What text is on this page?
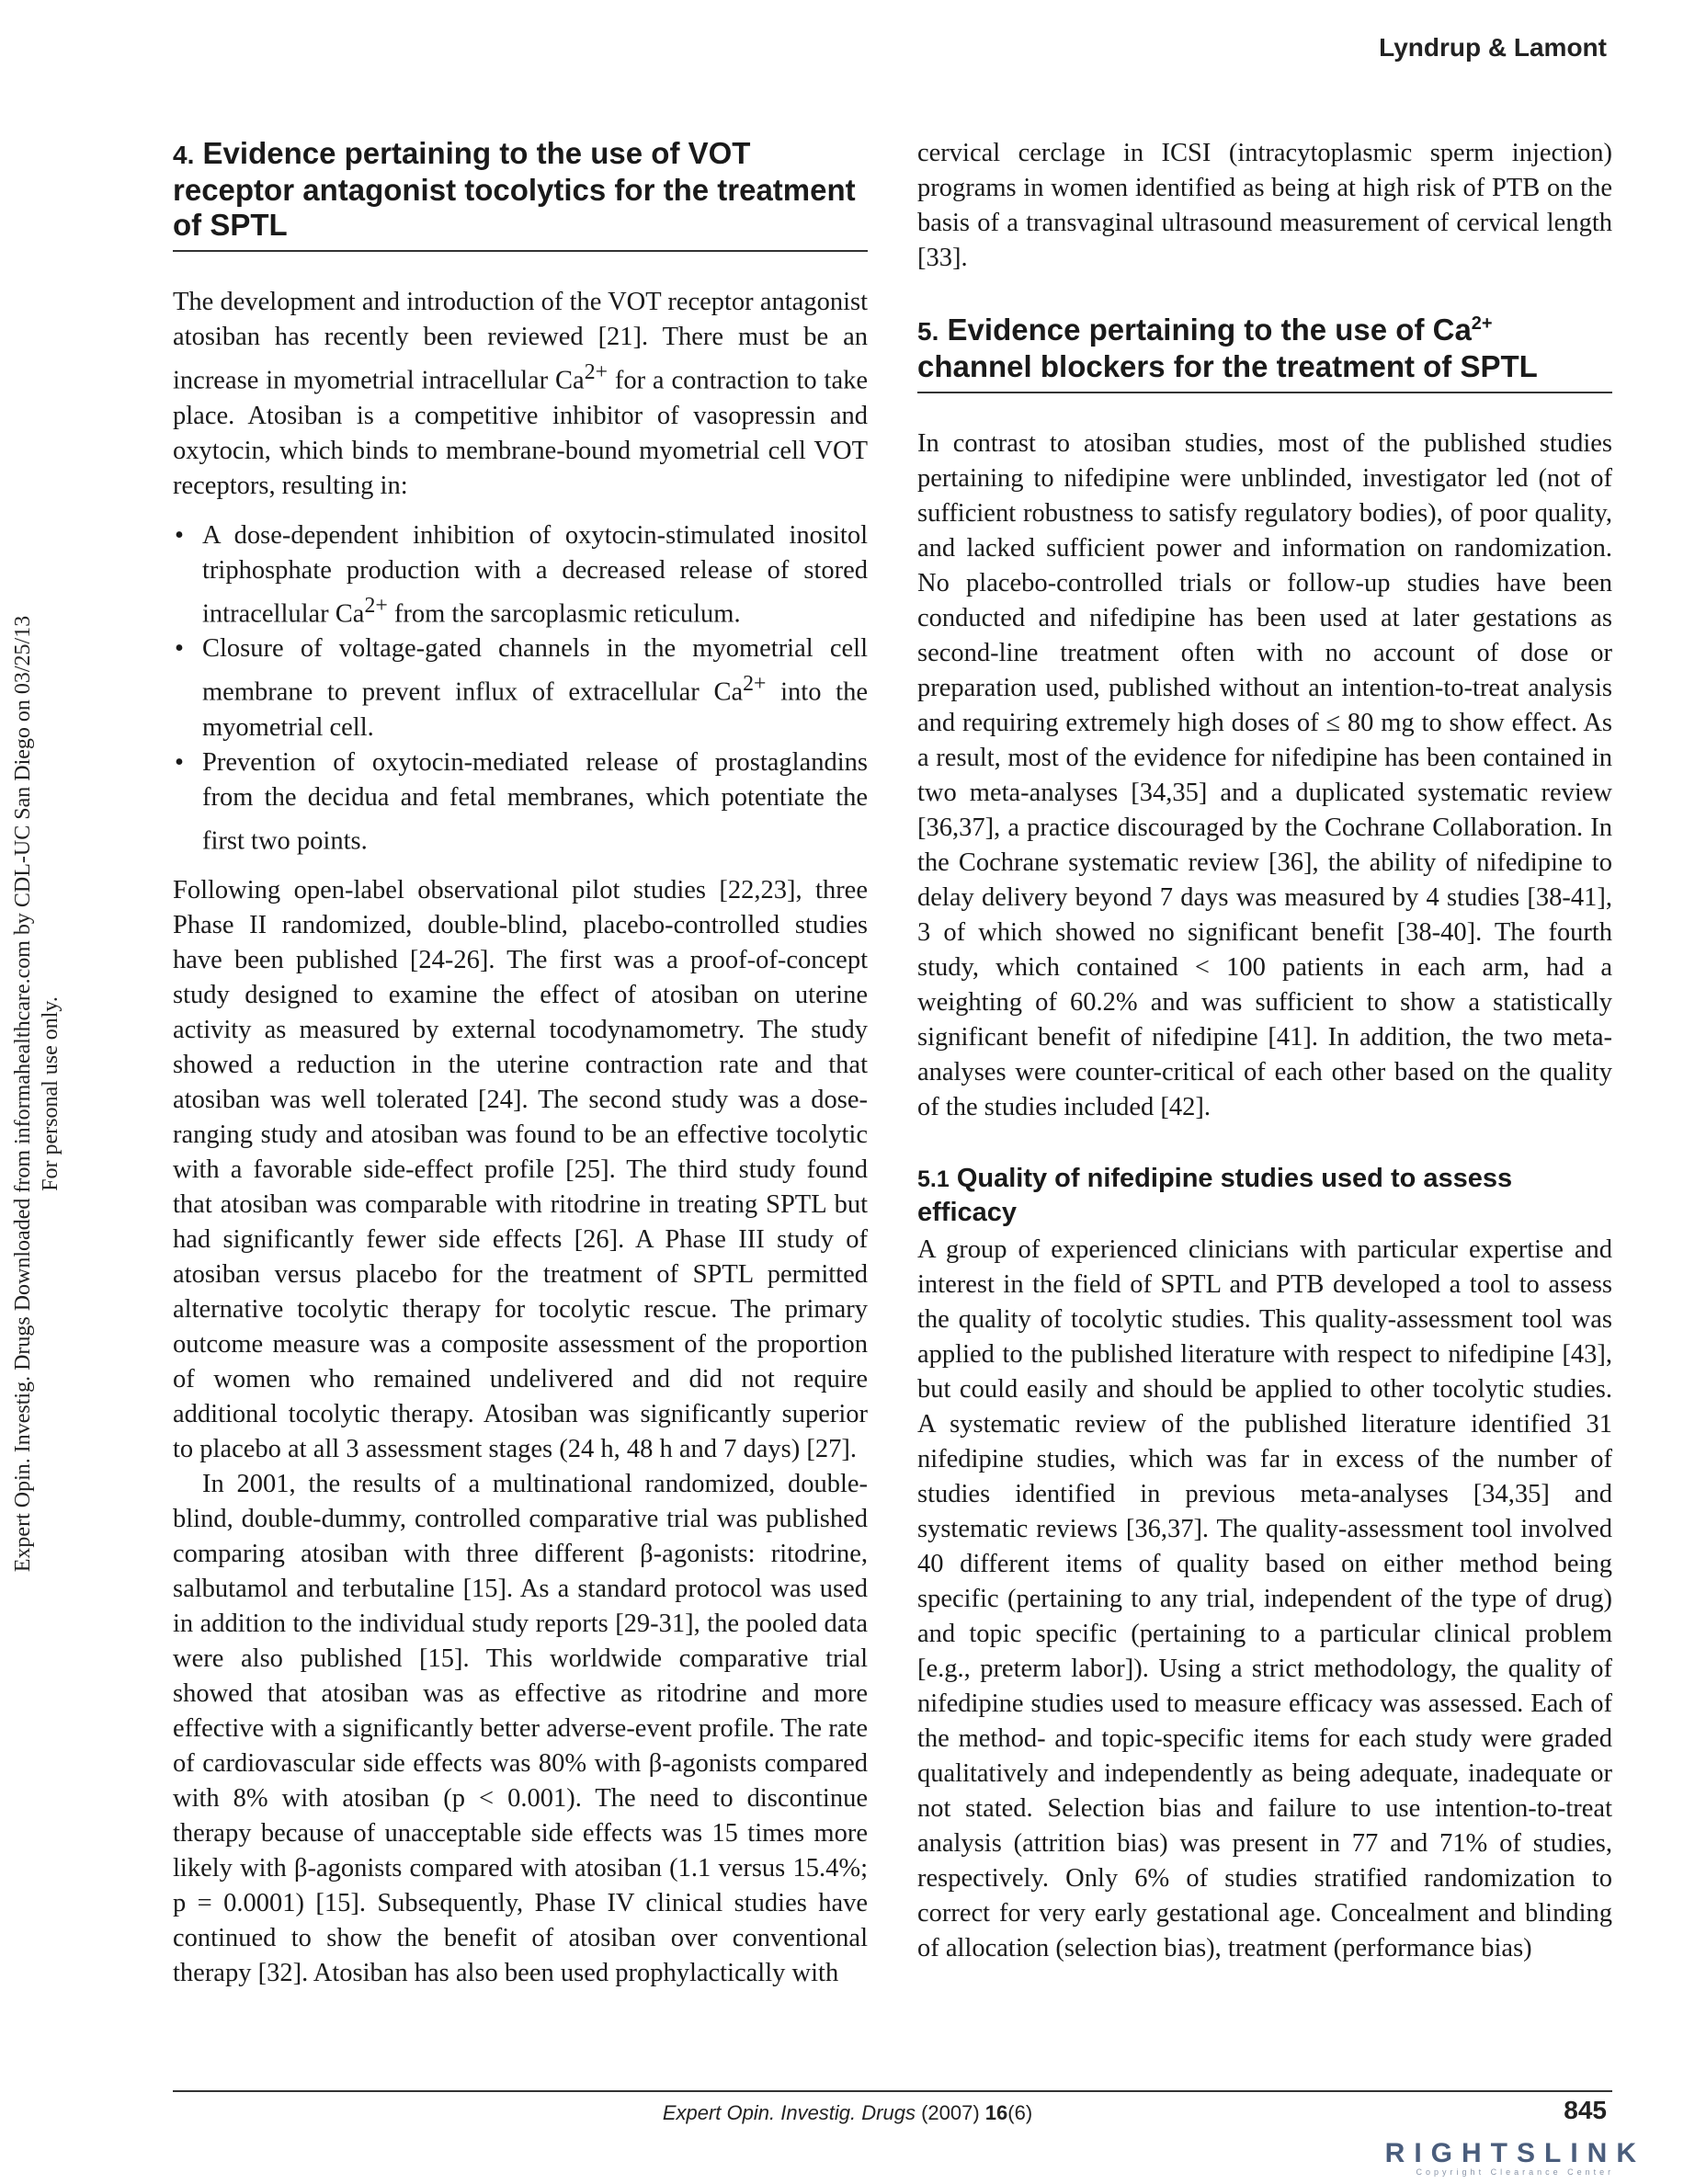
Lyndrup & Lamont
Expert Opin. Investig. Drugs Downloaded from informahealthcare.com by CDL-UC San Diego on 03/25/13 For personal use only.
4. Evidence pertaining to the use of VOT receptor antagonist tocolytics for the treatment of SPTL

The development and introduction of the VOT receptor antagonist atosiban has recently been reviewed [21]. There must be an increase in myometrial intracellular $Ca^{2+}$ for a contraction to take place. Atosiban is a competitive inhibitor of vasopressin and oxytocin, which binds to membrane-bound myometrial cell VOT receptors, resulting in:

• A dose-dependent inhibition of oxytocin-stimulated inositol triphosphate production with a decreased release of stored intracellular $Ca^{2+}$ from the sarcoplasmic reticulum.
• Closure of voltage-gated channels in the myometrial cell membrane to prevent influx of extracellular $Ca^{2+}$ into the myometrial cell.
• Prevention of oxytocin-mediated release of prostaglandins from the decidua and fetal membranes, which potentiate the first two points.

Following open-label observational pilot studies [22,23], three Phase II randomized, double-blind, placebo-controlled studies have been published [24-26]. The first was a proof-of-concept study designed to examine the effect of atosiban on uterine activity as measured by external tocodynamometry. The study showed a reduction in the uterine contraction rate and that atosiban was well tolerated [24]. The second study was a dose-ranging study and atosiban was found to be an effective tocolytic with a favorable side-effect profile [25]. The third study found that atosiban was comparable with ritodrine in treating SPTL but had significantly fewer side effects [26]. A Phase III study of atosiban versus placebo for the treatment of SPTL permitted alternative tocolytic therapy for tocolytic rescue. The primary outcome measure was a composite assessment of the proportion of women who remained undelivered and did not require additional tocolytic therapy. Atosiban was significantly superior to placebo at all 3 assessment stages (24 h, 48 h and 7 days) [27].

In 2001, the results of a multinational randomized, double-blind, double-dummy, controlled comparative trial was published comparing atosiban with three different β-agonists: ritodrine, salbutamol and terbutaline [15]. As a standard protocol was used in addition to the individual study reports [29-31], the pooled data were also published [15]. This worldwide comparative trial showed that atosiban was as effective as ritodrine and more effective with a significantly better adverse-event profile. The rate of cardiovascular side effects was 80% with β-agonists compared with 8% with atosiban (p < 0.001). The need to discontinue therapy because of unacceptable side effects was 15 times more likely with β-agonists compared with atosiban (1.1 versus 15.4%; p = 0.0001) [15]. Subsequently, Phase IV clinical studies have continued to show the benefit of atosiban over conventional therapy [32]. Atosiban has also been used prophylactically with

cervical cerclage in ICSI (intracytoplasmic sperm injection) programs in women identified as being at high risk of PTB on the basis of a transvaginal ultrasound measurement of cervical length [33].

5. Evidence pertaining to the use of $Ca^{2+}$ channel blockers for the treatment of SPTL

In contrast to atosiban studies, most of the published studies pertaining to nifedipine were unblinded, investigator led (not of sufficient robustness to satisfy regulatory bodies), of poor quality, and lacked sufficient power and information on randomization. No placebo-controlled trials or follow-up studies have been conducted and nifedipine has been used at later gestations as second-line treatment often with no account of dose or preparation used, published without an intention-to-treat analysis and requiring extremely high doses of ≤ 80 mg to show effect. As a result, most of the evidence for nifedipine has been contained in two meta-analyses [34,35] and a duplicated systematic review [36,37], a practice discouraged by the Cochrane Collaboration. In the Cochrane systematic review [36], the ability of nifedipine to delay delivery beyond 7 days was measured by 4 studies [38-41], 3 of which showed no significant benefit [38-40]. The fourth study, which contained < 100 patients in each arm, had a weighting of 60.2% and was sufficient to show a statistically significant benefit of nifedipine [41]. In addition, the two meta-analyses were counter-critical of each other based on the quality of the studies included [42].

5.1 Quality of nifedipine studies used to assess efficacy

A group of experienced clinicians with particular expertise and interest in the field of SPTL and PTB developed a tool to assess the quality of tocolytic studies. This quality-assessment tool was applied to the published literature with respect to nifedipine [43], but could easily and should be applied to other tocolytic studies. A systematic review of the published literature identified 31 nifedipine studies, which was far in excess of the number of studies identified in previous meta-analyses [34,35] and systematic reviews [36,37]. The quality-assessment tool involved 40 different items of quality based on either method being specific (pertaining to any trial, independent of the type of drug) and topic specific (pertaining to a particular clinical problem [e.g., preterm labor]). Using a strict methodology, the quality of nifedipine studies used to measure efficacy was assessed. Each of the method- and topic-specific items for each study were graded qualitatively and independently as being adequate, inadequate or not stated. Selection bias and failure to use intention-to-treat analysis (attrition bias) was present in 77 and 71% of studies, respectively. Only 6% of studies stratified randomization to correct for very early gestational age. Concealment and blinding of allocation (selection bias), treatment (performance bias)

Expert Opin. Investig. Drugs (2007) 16(6)	845
RIGHTSLINK
Copyright Clearance Center
